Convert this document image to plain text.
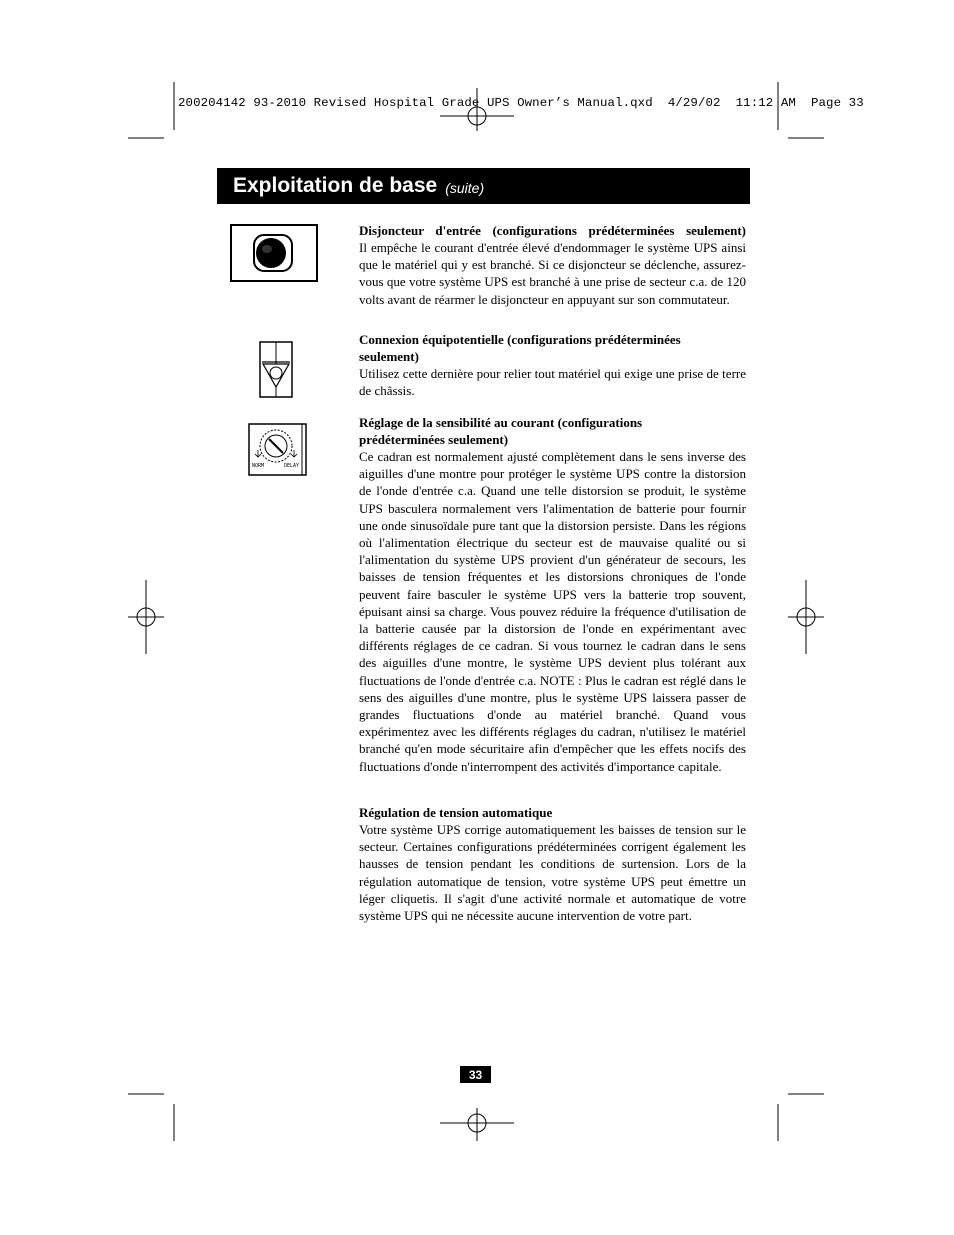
200204142 93-2010 Revised Hospital Grade UPS Owner’s Manual.qxd  4/29/02  11:12 AM  Page 33
Exploitation de base (suite)
NORM	DELAY
Disjoncteur d'entrée (configurations prédéterminées seulement)
Il empêche le courant d'entrée élevé d'endommager le système UPS ainsi que le matériel qui y est branché. Si ce disjoncteur se déclenche, assurez-vous que votre système UPS est branché à une prise de secteur c.a. de 120 volts avant de réarmer le disjoncteur en appuyant sur son commutateur.
Connexion équipotentielle (configurations prédéterminées seulement)
Utilisez cette dernière pour relier tout matériel qui exige une prise de terre de châssis.
Réglage de la sensibilité au courant (configurations prédéterminées seulement)
Ce cadran est normalement ajusté complètement dans le sens inverse des aiguilles d'une montre pour protéger le système UPS contre la distorsion de l'onde d'entrée c.a. Quand une telle distorsion se produit, le système UPS basculera normalement vers l'alimentation de batterie pour fournir une onde sinusoïdale pure tant que la distorsion persiste. Dans les régions où l'alimentation électrique du secteur est de mauvaise qualité ou si l'alimentation du système UPS provient d'un générateur de secours, les baisses de tension fréquentes et les distorsions chroniques de l'onde peuvent faire basculer le système UPS vers la batterie trop souvent, épuisant ainsi sa charge. Vous pouvez réduire la fréquence d'utilisation de la batterie causée par la distorsion de l'onde en expérimentant avec différents réglages de ce cadran. Si vous tournez le cadran dans le sens des aiguilles d'une montre, le système UPS devient plus tolérant aux fluctuations de l'onde d'entrée c.a. NOTE : Plus le cadran est réglé dans le sens des aiguilles d'une montre, plus le système UPS laissera passer de grandes fluctuations d'onde au matériel branché. Quand vous expérimentez avec les différents réglages du cadran, n'utilisez le matériel branché qu'en mode sécuritaire afin d'empêcher que les effets nocifs des fluctuations d'onde n'interrompent des activités d'importance capitale.
Régulation de tension automatique
Votre système UPS corrige automatiquement les baisses de tension sur le secteur. Certaines configurations prédéterminées corrigent également les hausses de tension pendant les conditions de surtension. Lors de la régulation automatique de tension, votre système UPS peut émettre un léger cliquetis. Il s'agit d'une activité normale et automatique de votre système UPS qui ne nécessite aucune intervention de votre part.
33
